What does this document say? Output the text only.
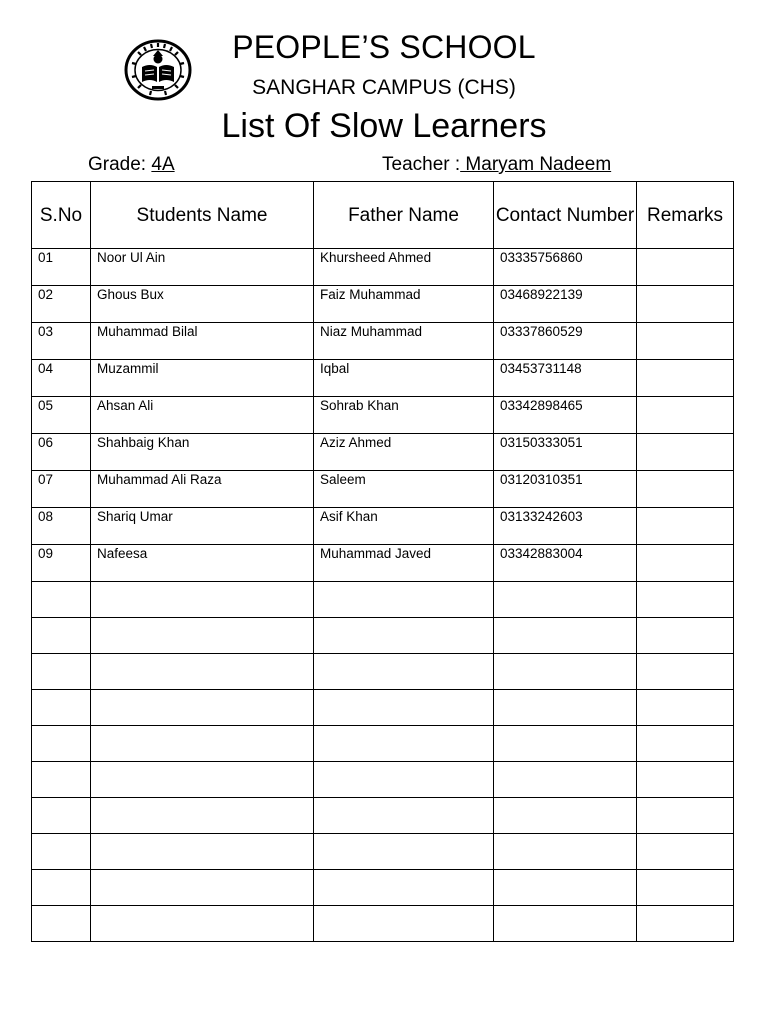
PEOPLE’S SCHOOL
SANGHAR CAMPUS (CHS)
List Of Slow Learners
Grade: 4A	Teacher : Maryam Nadeem
S.No	Students Name	Father Name	Contact Number	Remarks
01	Noor Ul Ain	Khursheed Ahmed	03335756860	
02	Ghous Bux	Faiz Muhammad	03468922139	
03	Muhammad Bilal	Niaz Muhammad	03337860529	
04	Muzammil	Iqbal	03453731148	
05	Ahsan Ali	Sohrab Khan	03342898465	
06	Shahbaig Khan	Aziz Ahmed	03150333051	
07	Muhammad Ali Raza	Saleem	03120310351	
08	Shariq Umar	Asif Khan	03133242603	
09	Nafeesa	Muhammad Javed	03342883004	
